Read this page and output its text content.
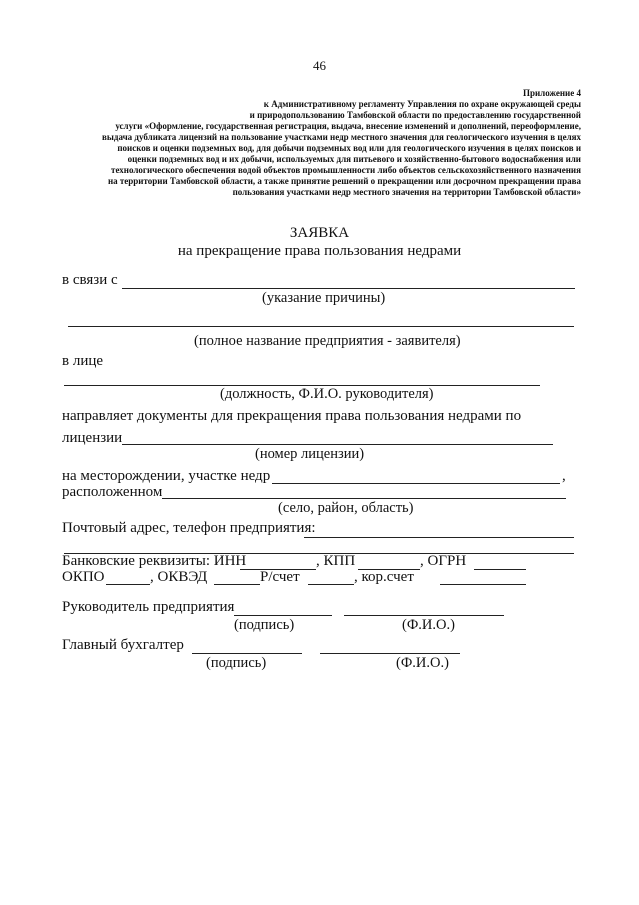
46
Приложение 4
к Административному регламенту Управления по охране окружающей среды
и природопользованию Тамбовской области по предоставлению государственной
услуги «Оформление, государственная регистрация, выдача, внесение изменений и дополнений, переоформление,
выдача дубликата лицензий на пользование участками недр местного значения для геологического изучения в целях
поисков и оценки подземных вод, для добычи подземных вод или для геологического изучения в целях поисков и
оценки подземных вод и их добычи, используемых для питьевого и хозяйственно-бытового водоснабжения или
технологического обеспечения водой объектов промышленности либо объектов сельскохозяйственного назначения
на территории Тамбовской области, а также принятие решений о прекращении или досрочном прекращении права
пользования участками недр местного значения на территории Тамбовской области»
ЗАЯВКА
на прекращение права пользования недрами
в связи с
(указание причины)
(полное название предприятия - заявителя)
в лице
(должность, Ф.И.О. руководителя)
направляет документы для прекращения права пользования недрами по
лицензии
(номер лицензии)
на месторождении, участке недр	,
расположенном
(село, район, область)
Почтовый адрес, телефон предприятия:
Банковские реквизиты: ИНН	, КПП	, ОГРН
ОКПО	, ОКВЭД	Р/счет	, кор.счет
Руководитель предприятия
(подпись)	(Ф.И.О.)
Главный бухгалтер
(подпись)	(Ф.И.О.)
